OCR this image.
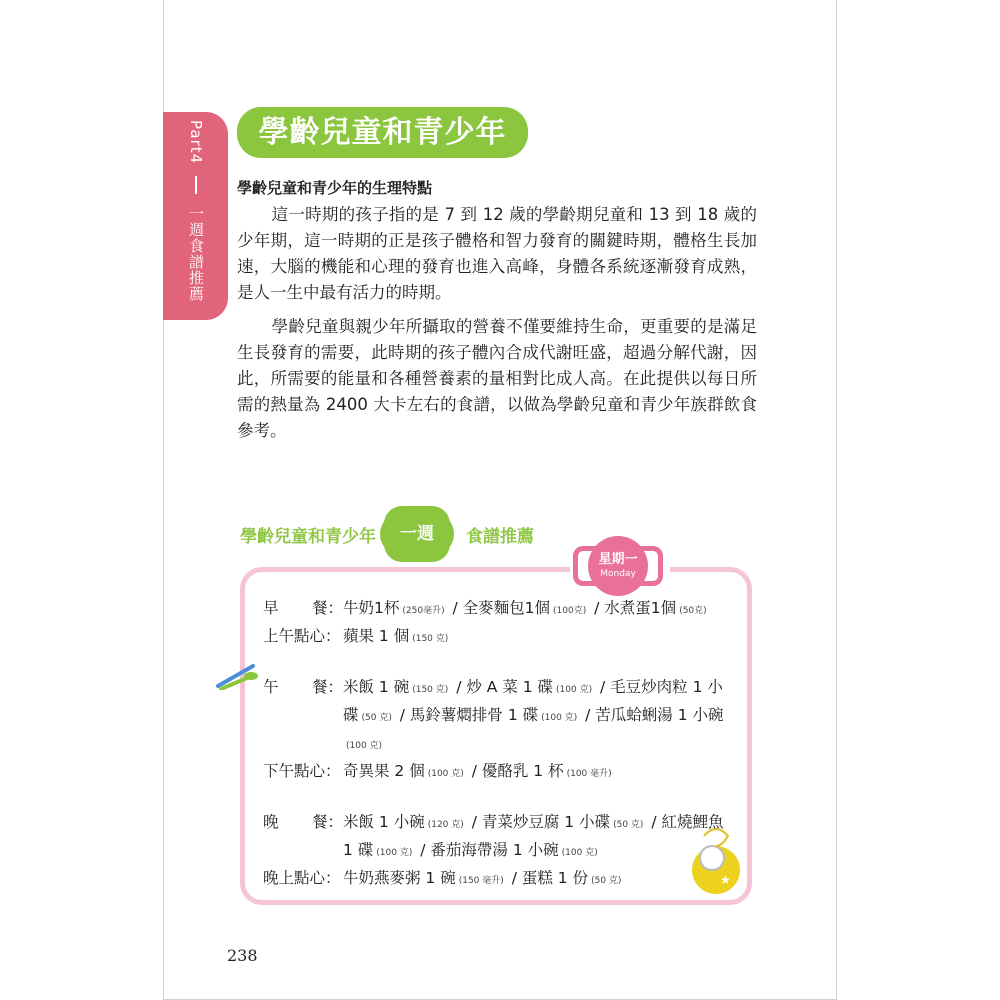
Part4  一週食譜推薦
學齡兒童和青少年
學齡兒童和青少年的生理特點
這一時期的孩子指的是 7 到 12 歲的學齡期兒童和 13 到 18 歲的少年期，這一時期的正是孩子體格和智力發育的關鍵時期，體格生長加速，大腦的機能和心理的發育也進入高峰，身體各系統逐漸發育成熟，是人一生中最有活力的時期。
學齡兒童與親少年所攝取的營養不僅要維持生命，更重要的是滿足生長發育的需要，此時期的孩子體內合成代謝旺盛，超過分解代謝，因此，所需要的能量和各種營養素的量相對比成人高。在此提供以每日所需的熱量為 2400 大卡左右的食譜，以做為學齡兒童和青少年族群飲食參考。
學齡兒童和青少年	一週	食譜推薦
星期一
Monday
★
早 餐： 牛奶1杯 (250毫升) / 全麥麵包1個 (100克) / 水煮蛋1個 (50克)
上午點心： 蘋果 1 個 (150 克)
午 餐： 米飯 1 碗 (150 克) / 炒 A 菜 1 碟 (100 克) / 毛豆炒肉粒 1 小碟 (50 克) / 馬鈴薯燜排骨 1 碟 (100 克) / 苦瓜蛤蜊湯 1 小碗(100 克)
下午點心： 奇異果 2 個 (100 克) / 優酪乳 1 杯 (100 毫升)
晚 餐： 米飯 1 小碗 (120 克) / 青菜炒豆腐 1 小碟 (50 克) / 紅燒鯉魚 1 碟 (100 克) / 番茄海帶湯 1 小碗 (100 克)
晚上點心： 牛奶燕麥粥 1 碗 (150 毫升) / 蛋糕 1 份 (50 克)
238
